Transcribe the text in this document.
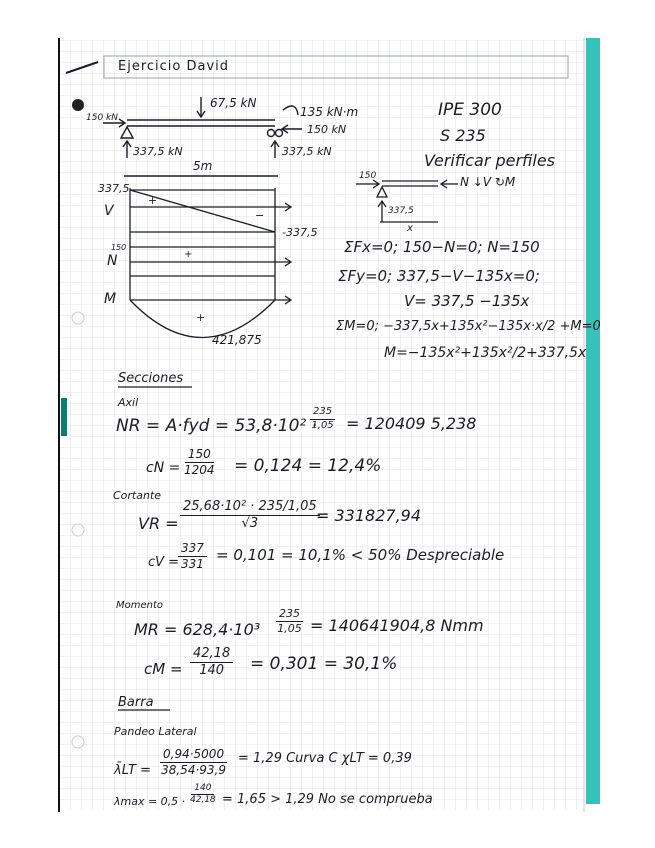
Ejercicio David
67,5 kN
135 kN·m
150 kN
150 kN
337,5 kN	337,5 kN
5m
IPE 300
S 235
Verificar perfiles
337,5
V
+
−
-337,5
150
N	+
M
+
421,875
150
337,5
x
N ↓V ↻M
ΣFx=0; 150−N=0; N=150
ΣFy=0; 337,5−V−135x=0;
V= 337,5 −135x
ΣM=0; −337,5x+135x²−135x·x/2 +M=0
M=−135x²+135x²/2+337,5x
Secciones
Axil
NR = A·fyd = 53,8·10² ·
$\frac{235}{1,05} = 120409$ 5,238
cN = $\frac{150}{1204} = 0,124 = 12,4\%$
Cortante
VR = $\frac{\text{25,68·10² · 235/1,05}}{√3}$
= 331827,94
cV =
$\frac{337}{331} = 0,101 = 10,1\% < 50\%$ Despreciable
Momento
MR = $628,4\cdot 10^3 \frac{235}{1,05} = 140641904,8$ Nmm
cM = $\frac{42,18}{140} = 0,301 = 30,1\%$
Barra
Pandeo Lateral
λ̄LT = $\frac{0,94\cdot 5000}{38,54\cdot 93,9} = 1,29$ Curva C χLT = 0,39
$\lambda\max = 0,5 \cdot \frac{140}{42,18} = 1,65 > 1,29$ No se comprueba
